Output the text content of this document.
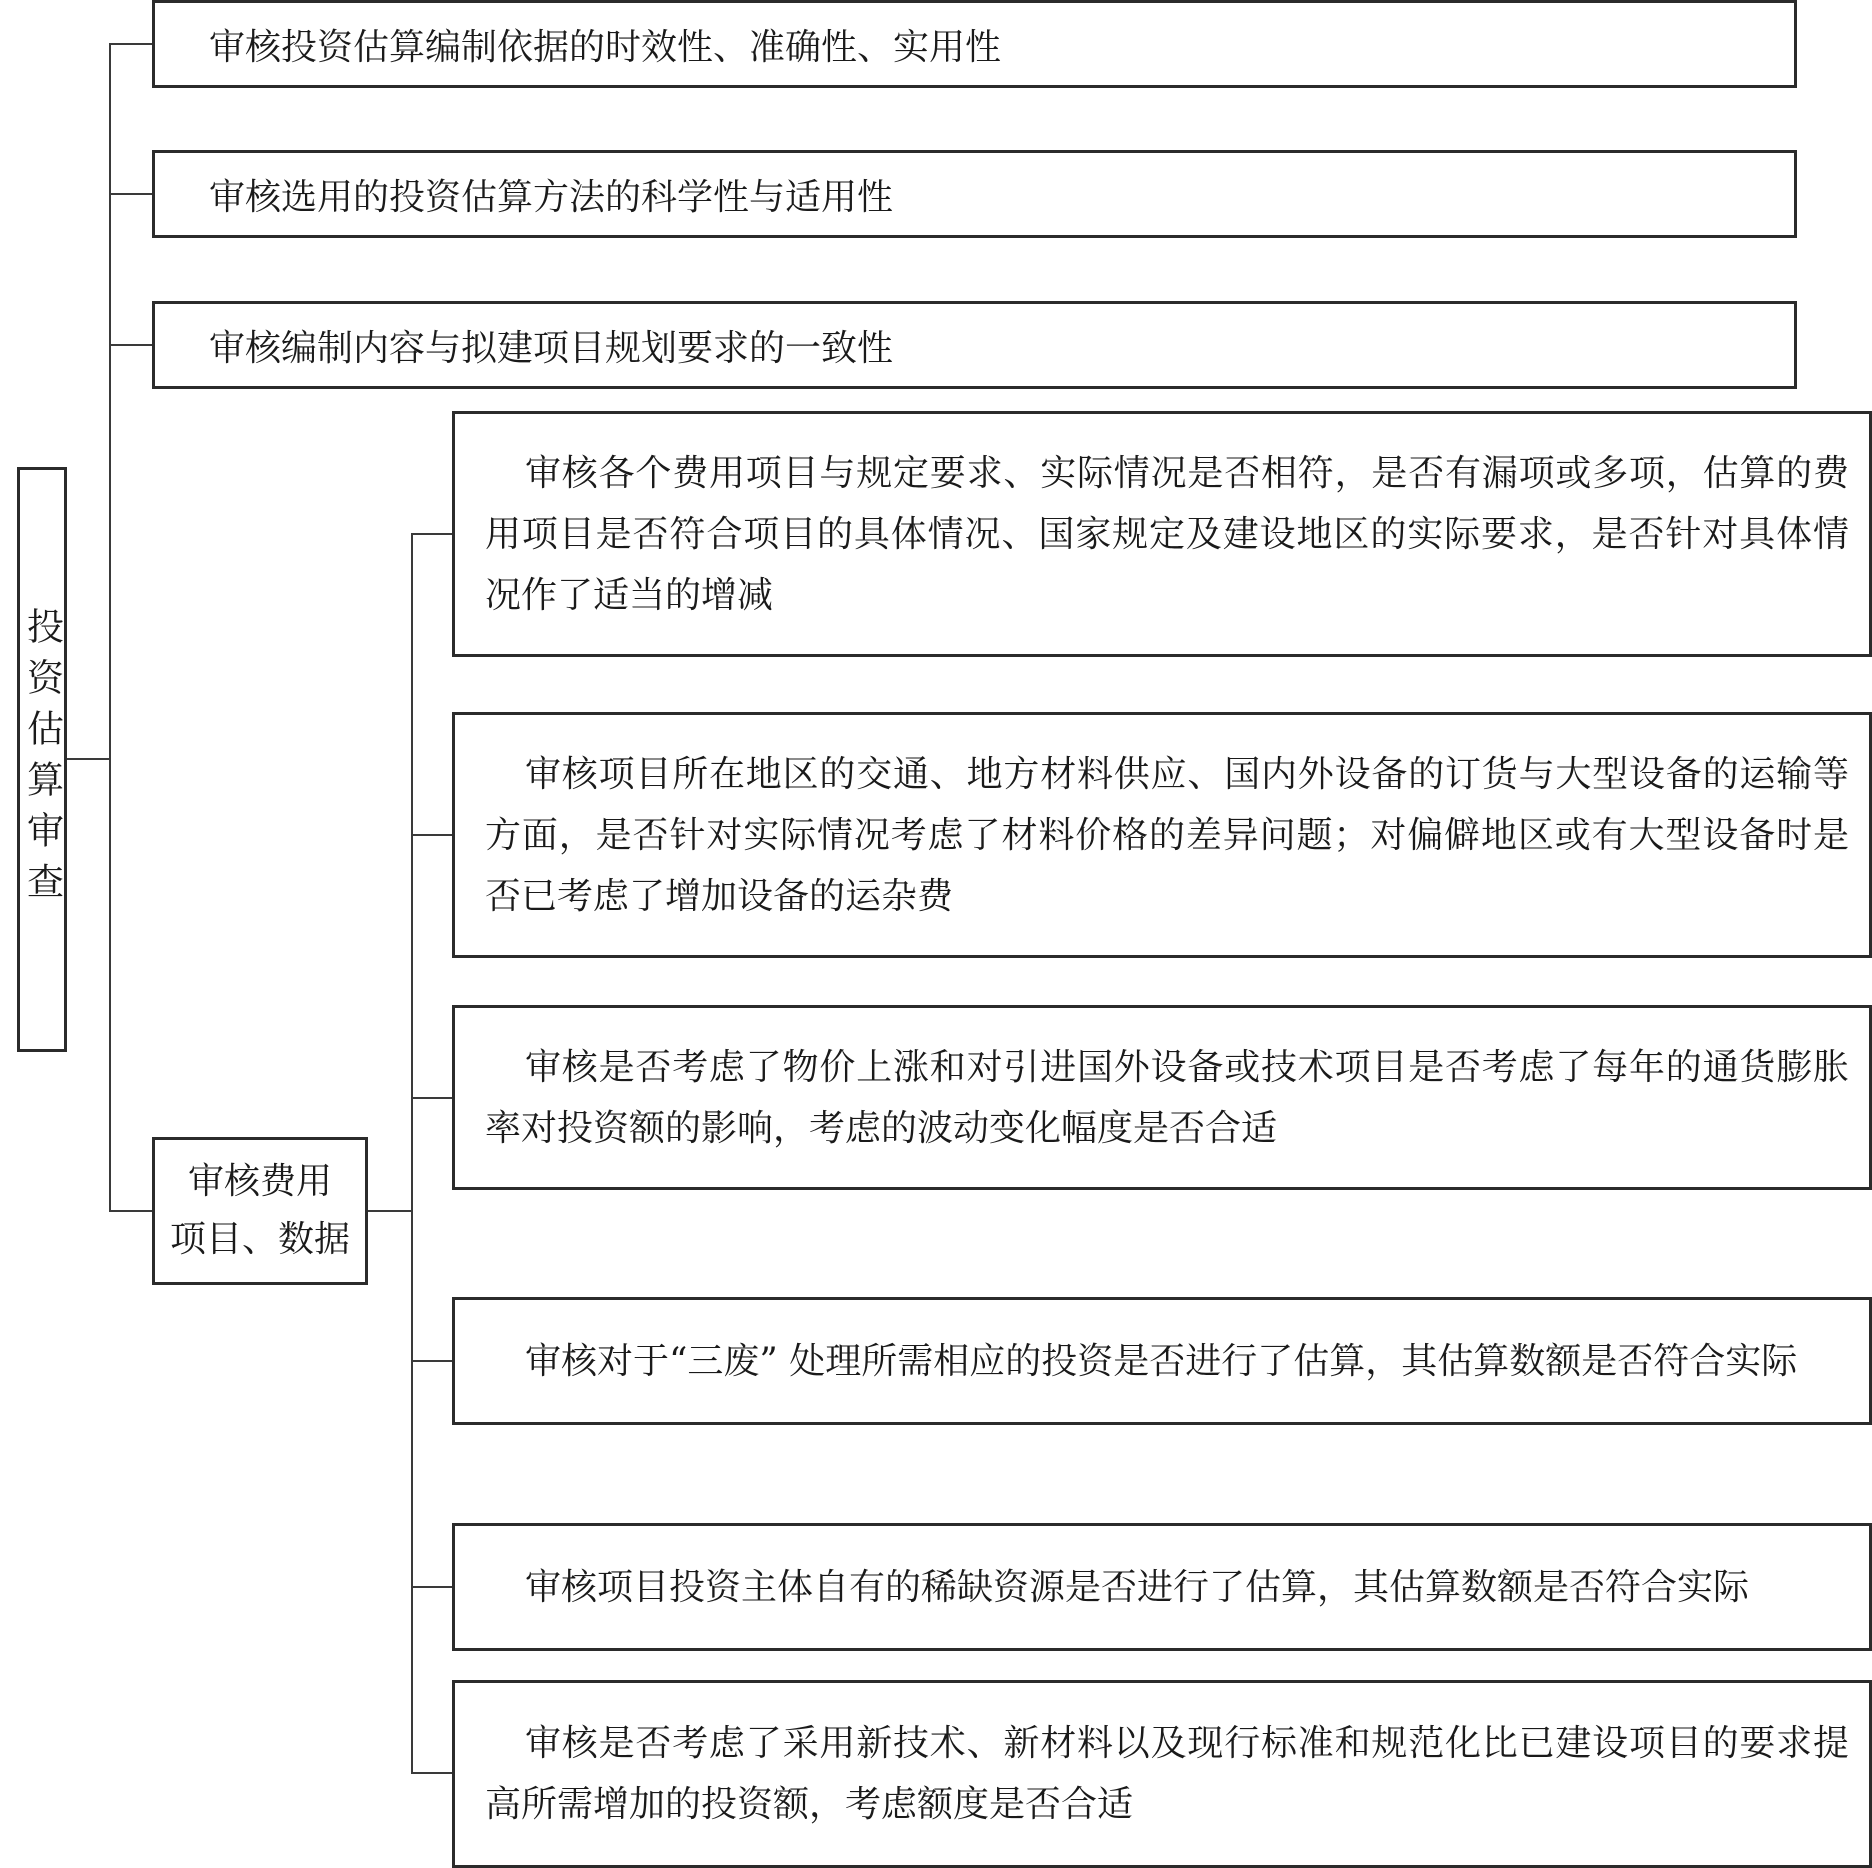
投资估算审查
审核投资估算编制依据的时效性、准确性、实用性
审核选用的投资估算方法的科学性与适用性
审核编制内容与拟建项目规划要求的一致性
审核费用
项目、数据

审核各个费用项目与规定要求、实际情况是否相符，是否有漏项或多项，估算的费用项目是否符合项目的具体情况、国家规定及建设地区的实际要求，是否针对具体情况作了适当的增减

审核项目所在地区的交通、地方材料供应、国内外设备的订货与大型设备的运输等方面，是否针对实际情况考虑了材料价格的差异问题；对偏僻地区或有大型设备时是否已考虑了增加设备的运杂费

审核是否考虑了物价上涨和对引进国外设备或技术项目是否考虑了每年的通货膨胀率对投资额的影响，考虑的波动变化幅度是否合适

审核对于“三废” 处理所需相应的投资是否进行了估算，其估算数额是否符合实际

审核项目投资主体自有的稀缺资源是否进行了估算，其估算数额是否符合实际

审核是否考虑了采用新技术、新材料以及现行标准和规范化比已建设项目的要求提高所需增加的投资额，考虑额度是否合适
